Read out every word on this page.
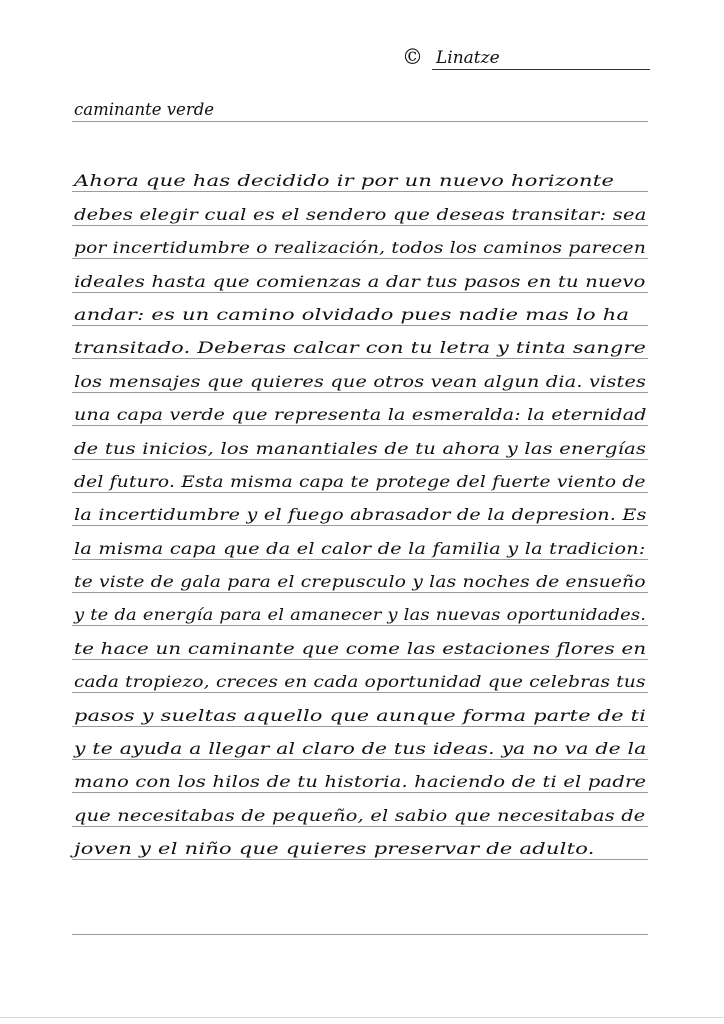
© Linatze
caminante verde
Ahora que has decidido ir por un nuevo horizonte
debes elegir cual es el sendero que deseas transitar: sea
por incertidumbre o realización, todos los caminos parecen
ideales hasta que comienzas a dar tus pasos en tu nuevo
andar: es un camino olvidado pues nadie mas lo ha
transitado. Deberas calcar con tu letra y tinta sangre
los mensajes que quieres que otros vean algun dia. vistes
una capa verde que representa la esmeralda: la eternidad
de tus inicios, los manantiales de tu ahora y las energías
del futuro. Esta misma capa te protege del fuerte viento de
la incertidumbre y el fuego abrasador de la depresion. Es
la misma capa que da el calor de la familia y la tradicion:
te viste de gala para el crepusculo y las noches de ensueño
y te da energía para el amanecer y las nuevas oportunidades.
te hace un caminante que come las estaciones flores en
cada tropiezo, creces en cada oportunidad que celebras tus
pasos y sueltas aquello que aunque forma parte de ti
y te ayuda a llegar al claro de tus ideas. ya no va de la
mano con los hilos de tu historia. haciendo de ti el padre
que necesitabas de pequeño, el sabio que necesitabas de
joven y el niño que quieres preservar de adulto.
